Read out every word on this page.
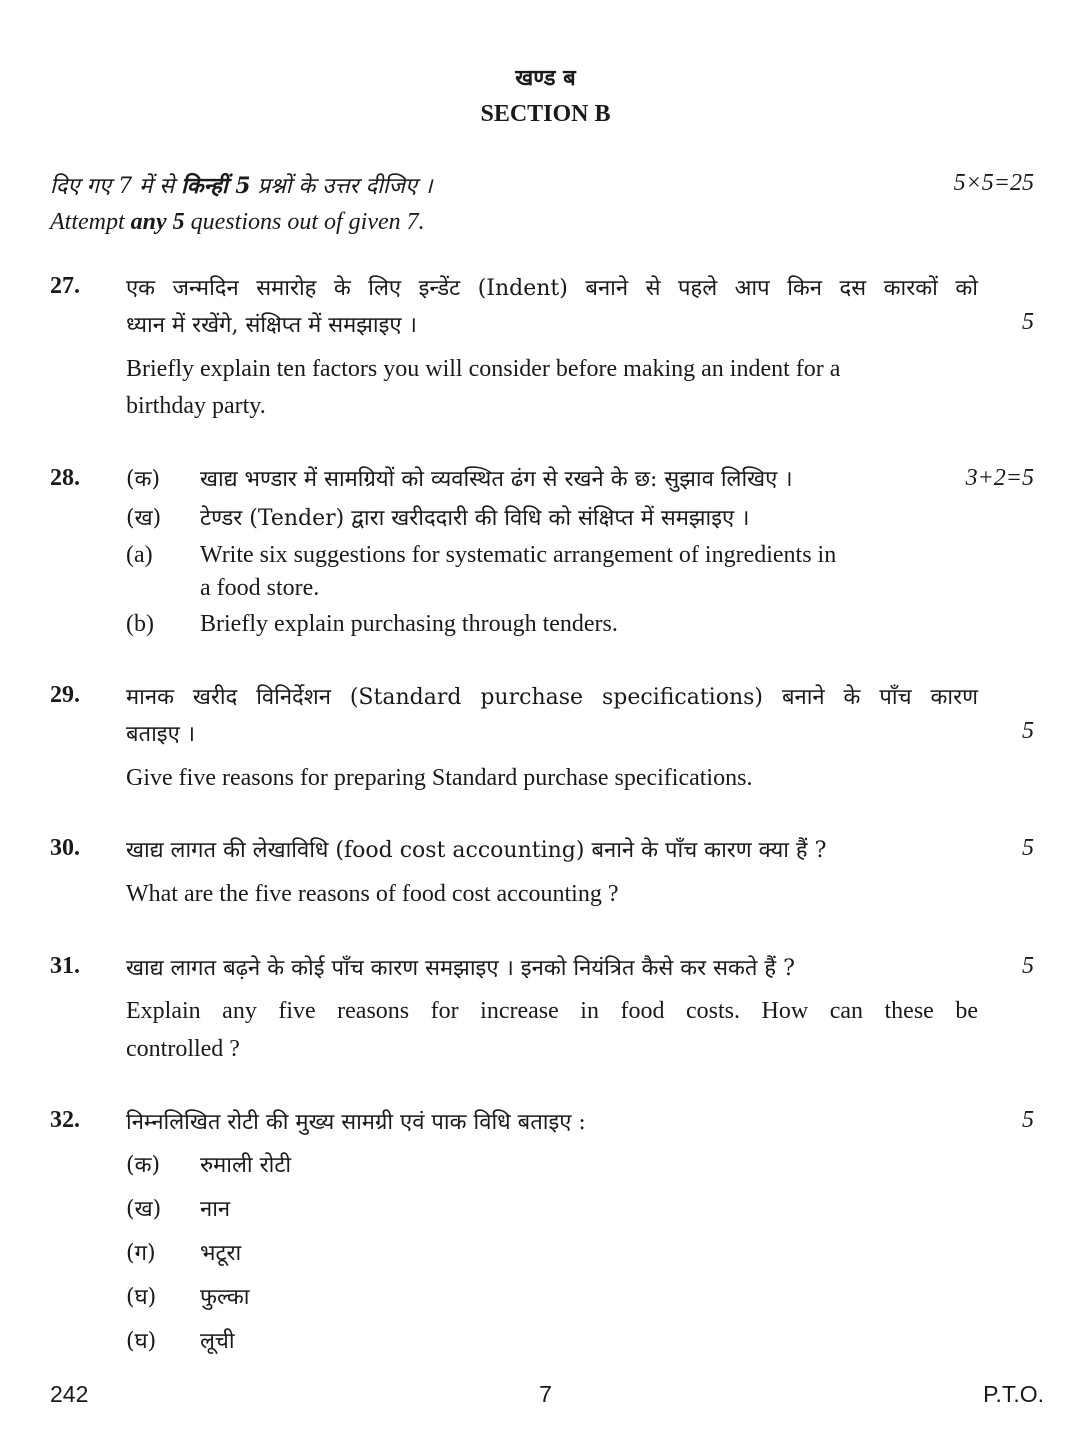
खण्ड ब
SECTION B
दिए गए 7 में से किन्हीं 5 प्रश्नों के उत्तर दीजिए ।	5×5=25
Attempt any 5 questions out of given 7.
27. एक जन्मदिन समारोह के लिए इन्डेंट (Indent) बनाने से पहले आप किन दस कारकों को
ध्यान में रखेंगे, संक्षिप्त में समझाइए ।	5
Briefly explain ten factors you will consider before making an indent for a
birthday party.
28.	3+2=5
(क) खाद्य भण्डार में सामग्रियों को व्यवस्थित ढंग से रखने के छ: सुझाव लिखिए ।
(ख) टेण्डर (Tender) द्वारा खरीददारी की विधि को संक्षिप्त में समझाइए ।
(a) Write six suggestions for systematic arrangement of ingredients in
a food store.
(b) Briefly explain purchasing through tenders.
29. मानक खरीद विनिर्देशन (Standard purchase specifications) बनाने के पाँच कारण
बताइए ।	5
Give five reasons for preparing Standard purchase specifications.
30. खाद्य लागत की लेखाविधि (food cost accounting) बनाने के पाँच कारण क्या हैं ?	5
What are the five reasons of food cost accounting ?
31. खाद्य लागत बढ़ने के कोई पाँच कारण समझाइए । इनको नियंत्रित कैसे कर सकते हैं ?	5
Explain any five reasons for increase in food costs. How can these be
controlled ?
32. निम्नलिखित रोटी की मुख्य सामग्री एवं पाक विधि बताइए :	5
(क) रुमाली रोटी
(ख) नान
(ग) भटूरा
(घ) फुल्का
(घ) लूची
242	7	P.T.O.
